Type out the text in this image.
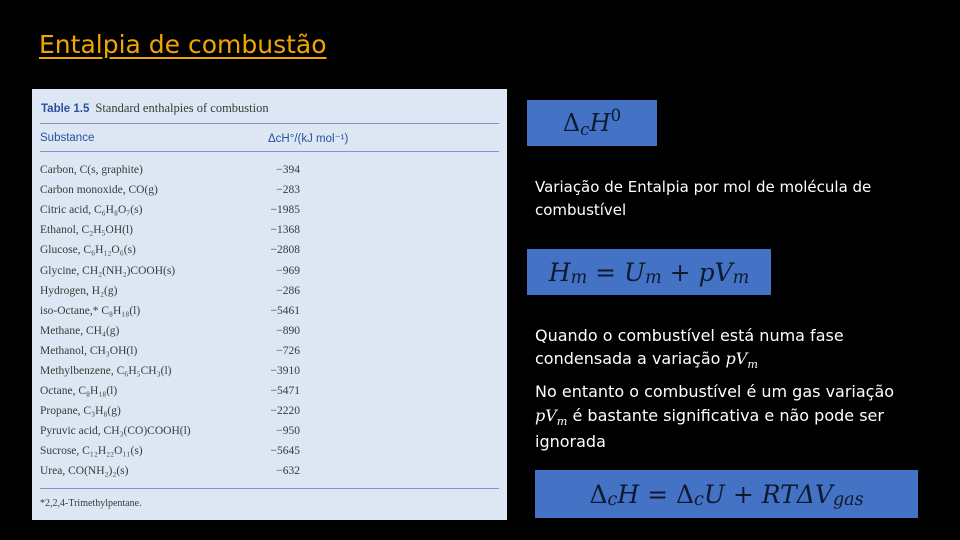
Entalpia de combustão
Table 1.5 Standard enthalpies of combustion
Substance	ΔcH°/(kJ mol⁻¹)
Carbon, C(s, graphite)	−394
Carbon monoxide, CO(g)	−283
Citric acid, C₆H₈O₇(s)	−1985
Ethanol, C₂H₅OH(l)	−1368
Glucose, C₆H₁₂O₆(s)	−2808
Glycine, CH₂(NH₂)COOH(s)	−969
Hydrogen, H₂(g)	−286
iso-Octane,* C₈H₁₈(l)	−5461
Methane, CH₄(g)	−890
Methanol, CH₃OH(l)	−726
Methylbenzene, C₆H₅CH₃(l)	−3910
Octane, C₈H₁₈(l)	−5471
Propane, C₃H₈(g)	−2220
Pyruvic acid, CH₃(CO)COOH(l)	−950
Sucrose, C₁₂H₂₂O₁₁(s)	−5645
Urea, CO(NH₂)₂(s)	−632
*2,2,4-Trimethylpentane.
Δ c H 0
Variação de Entalpia por mol de molécula de combustível
H m = U m + pV m
Quando o combustível está numa fase condensada a variação $pV_m$
No entanto o combustível é um gas variação
$pV_m$ é bastante significativa e não pode ser ignorada
Δ c H = Δ c U + RTΔV gas
